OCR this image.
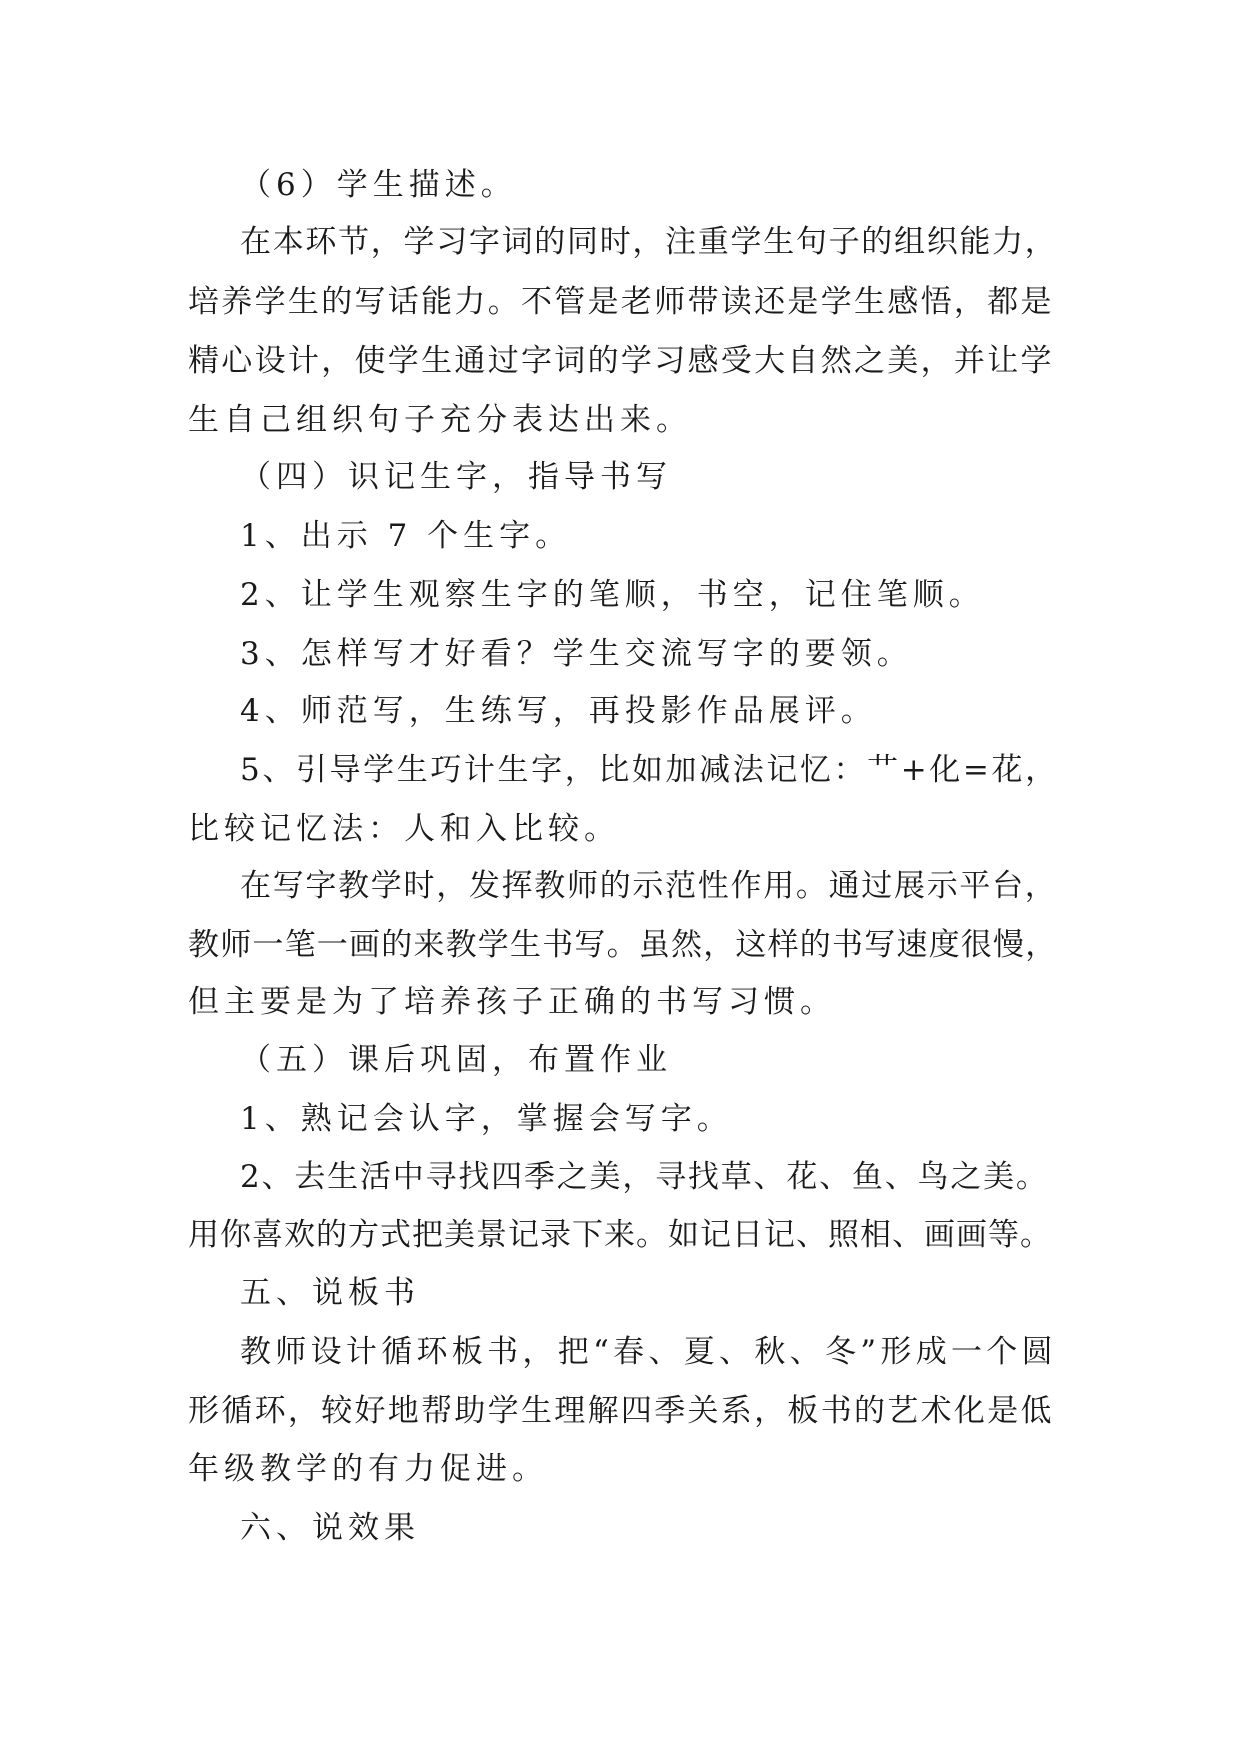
（6）学生描述。
在本环节，学习字词的同时，注重学生句子的组织能力，
培养学生的写话能力。不管是老师带读还是学生感悟，都是
精心设计，使学生通过字词的学习感受大自然之美，并让学
生自己组织句子充分表达出来。
（四）识记生字，指导书写
1、出示 7 个生字。
2、让学生观察生字的笔顺，书空，记住笔顺。
3、怎样写才好看？学生交流写字的要领。
4、师范写，生练写，再投影作品展评。
5、引导学生巧计生字，比如加减法记忆：艹+化=花，
比较记忆法：人和入比较。
在写字教学时，发挥教师的示范性作用。通过展示平台，
教师一笔一画的来教学生书写。虽然，这样的书写速度很慢，
但主要是为了培养孩子正确的书写习惯。
（五）课后巩固，布置作业
1、熟记会认字，掌握会写字。
2、去生活中寻找四季之美，寻找草、花、鱼、鸟之美。
用你喜欢的方式把美景记录下来。如记日记、照相、画画等。
五、说板书
教师设计循环板书，把“春、夏、秋、冬”形成一个圆
形循环，较好地帮助学生理解四季关系，板书的艺术化是低
年级教学的有力促进。
六、说效果
